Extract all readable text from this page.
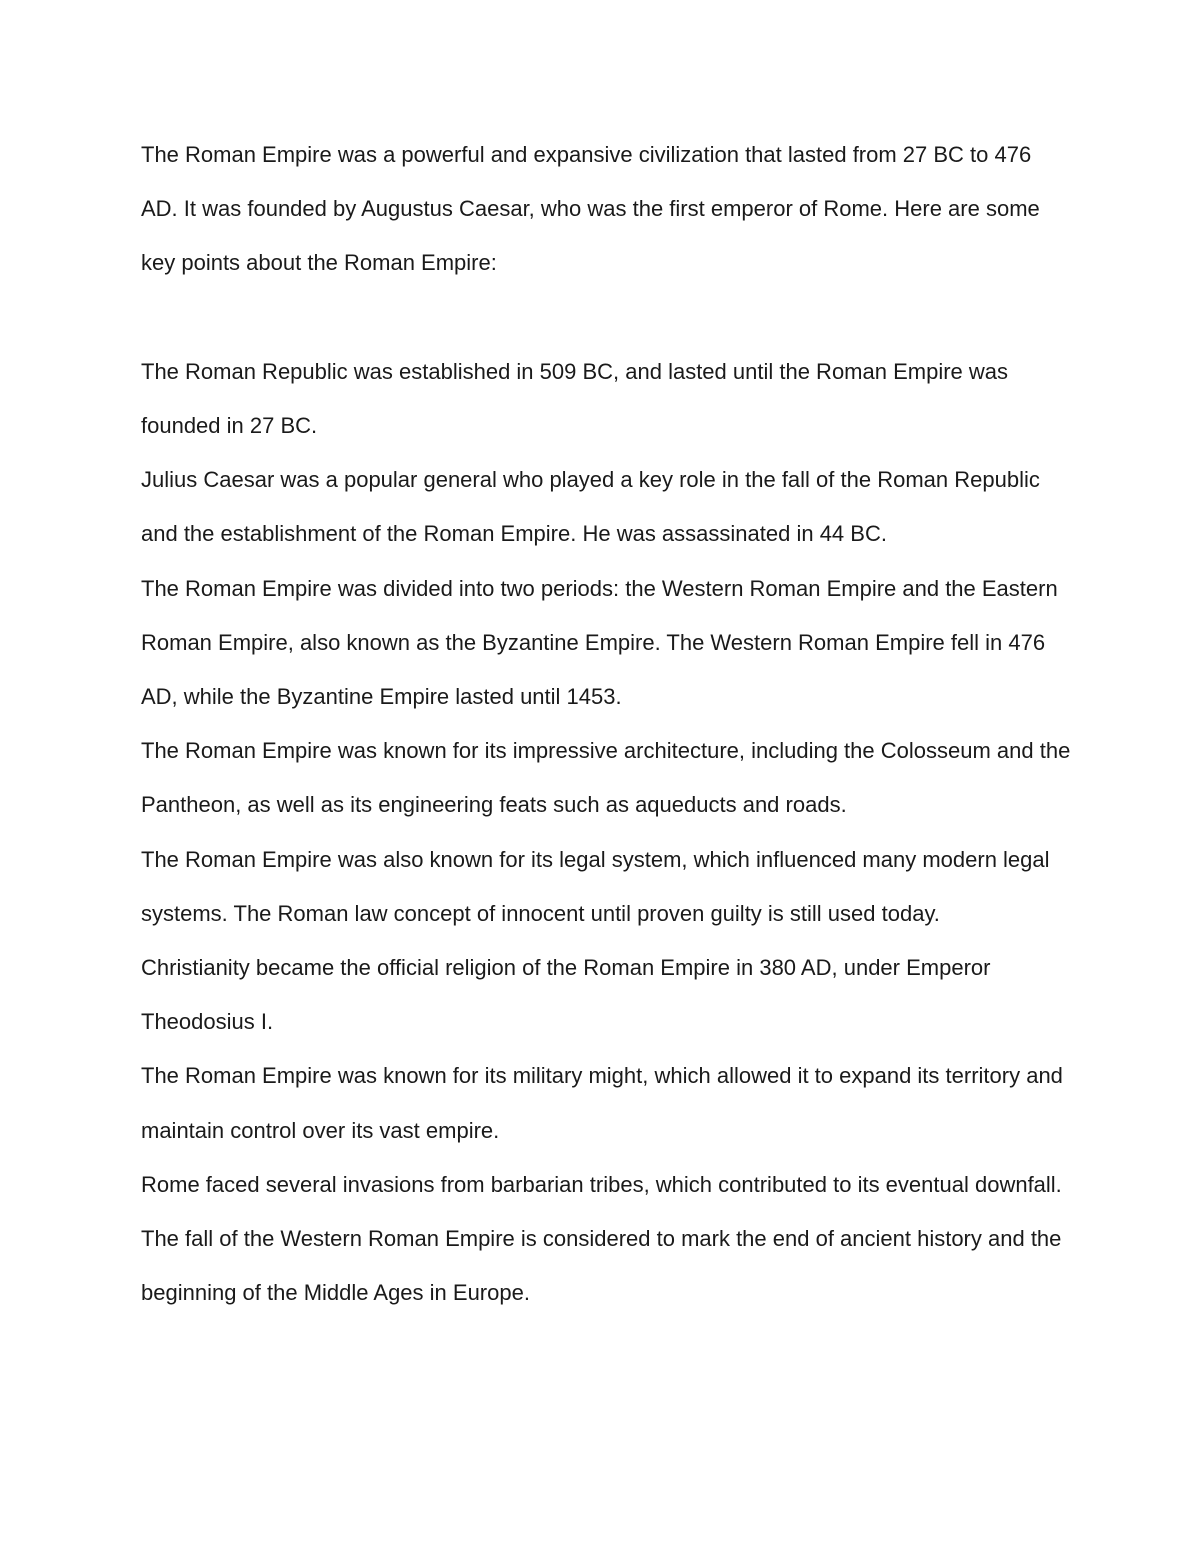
The Roman Empire was a powerful and expansive civilization that lasted from 27 BC to 476 AD. It was founded by Augustus Caesar, who was the first emperor of Rome. Here are some key points about the Roman Empire:

The Roman Republic was established in 509 BC, and lasted until the Roman Empire was founded in 27 BC.

Julius Caesar was a popular general who played a key role in the fall of the Roman Republic and the establishment of the Roman Empire. He was assassinated in 44 BC.

The Roman Empire was divided into two periods: the Western Roman Empire and the Eastern Roman Empire, also known as the Byzantine Empire. The Western Roman Empire fell in 476 AD, while the Byzantine Empire lasted until 1453.

The Roman Empire was known for its impressive architecture, including the Colosseum and the Pantheon, as well as its engineering feats such as aqueducts and roads.

The Roman Empire was also known for its legal system, which influenced many modern legal systems. The Roman law concept of innocent until proven guilty is still used today.

Christianity became the official religion of the Roman Empire in 380 AD, under Emperor Theodosius I.

The Roman Empire was known for its military might, which allowed it to expand its territory and maintain control over its vast empire.

Rome faced several invasions from barbarian tribes, which contributed to its eventual downfall.

The fall of the Western Roman Empire is considered to mark the end of ancient history and the beginning of the Middle Ages in Europe.
